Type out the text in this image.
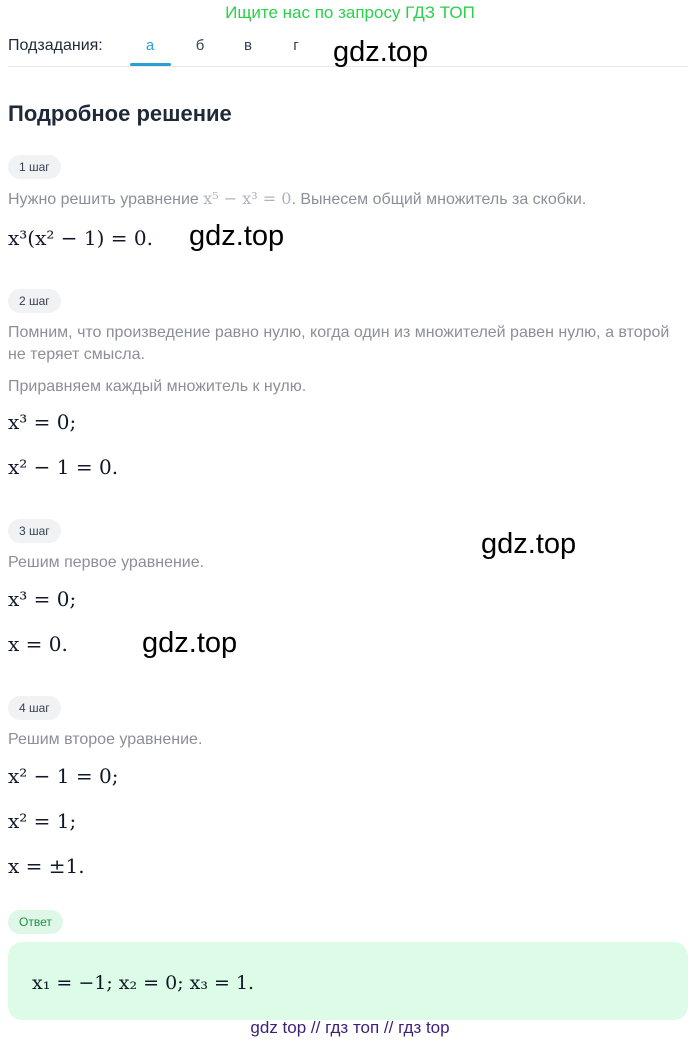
Ищите нас по запросу ГДЗ ТОП
Подзадания:	а	б	в	г	gdz.top
Подробное решение
1 шаг
Нужно решить уравнение x⁵ − x³ = 0. Вынесем общий множитель за скобки.
x³(x² − 1) = 0. gdz.top
2 шаг
Помним, что произведение равно нулю, когда один из множителей равен нулю, а второй не теряет смысла.
Приравняем каждый множитель к нулю.
x³ = 0;
x² − 1 = 0.
3 шаг	gdz.top
Решим первое уравнение.
x³ = 0;
x = 0.	gdz.top
4 шаг
Решим второе уравнение.
x² − 1 = 0;
x² = 1;
x = ±1.
Ответ
x₁ = −1; x₂ = 0; x₃ = 1.
gdz top // гдз топ // гдз top
